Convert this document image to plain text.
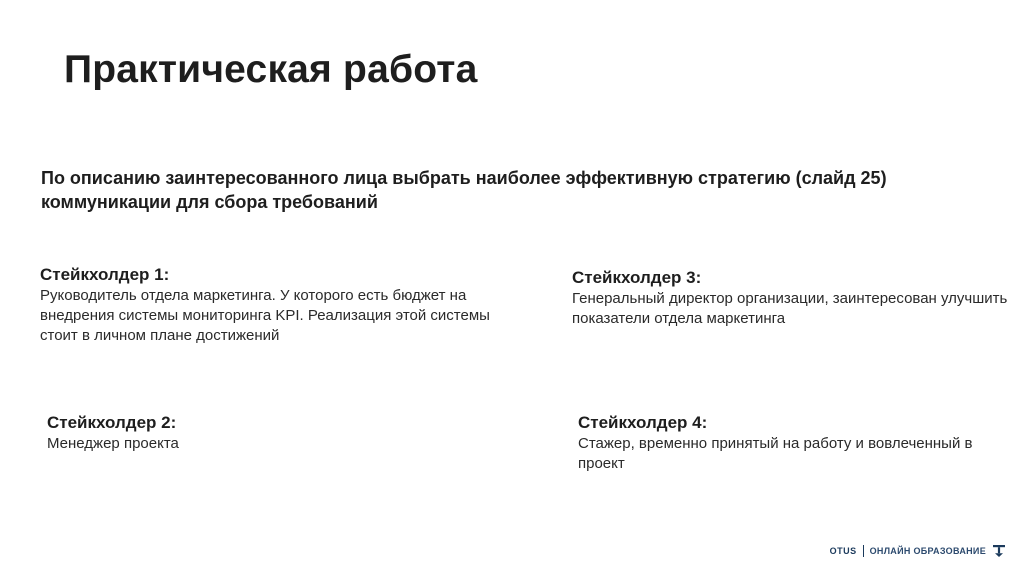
Практическая работа

По описанию заинтересованного лица выбрать наиболее эффективную стратегию (слайд 25) коммуникации для сбора требований

Стейкхолдер 1:
Руководитель отдела маркетинга. У которого есть бюджет на внедрения системы мониторинга KPI. Реализация этой системы стоит в личном плане достижений
Стейкхолдер 3:
Генеральный директор организации, заинтересован улучшить показатели отдела маркетинга
Стейкхолдер 2:
Менеджер проекта
Стейкхолдер 4:
Стажер, временно принятый на работу и вовлеченный в проект
OTUS ОНЛАЙН ОБРАЗОВАНИЕ
